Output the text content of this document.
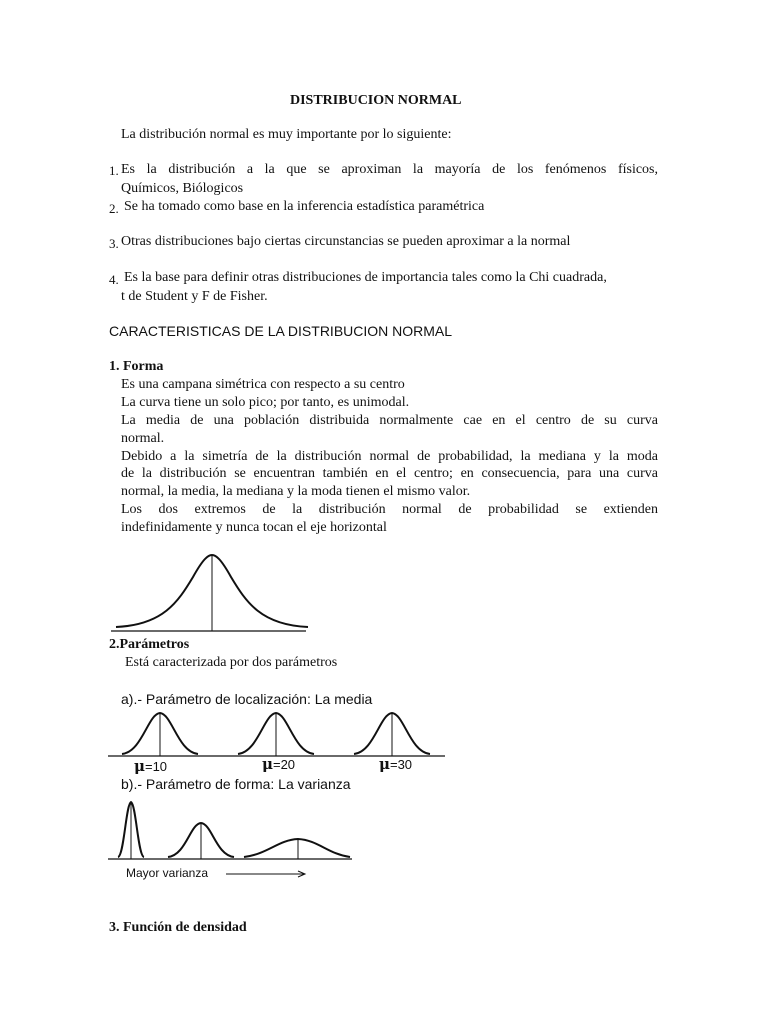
DISTRIBUCION NORMAL
La distribución normal es muy importante por lo siguiente:
1. Es la distribución a la que se aproximan la mayoría de los fenómenos físicos,
Químicos, Biólogicos
2. Se ha tomado como base en la inferencia estadística paramétrica
3. Otras distribuciones bajo ciertas circunstancias se pueden aproximar a la normal
4. Es la base para definir otras distribuciones de importancia tales como la Chi cuadrada,
t de Student y F de Fisher.
CARACTERISTICAS DE LA DISTRIBUCION NORMAL
1. Forma
Es una campana simétrica con respecto a su centro
La curva tiene un solo pico; por tanto, es unimodal.
La media de una población distribuida normalmente cae en el centro de su curva
normal.
Debido a la simetría de la distribución normal de probabilidad, la mediana y la moda
de la distribución se encuentran también en el centro; en consecuencia, para una curva
normal, la media, la mediana y la moda tienen el mismo valor.
Los dos extremos de la distribución normal de probabilidad se extienden
indefinidamente y nunca tocan el eje horizontal
2.Parámetros
Está caracterizada por dos parámetros
a).- Parámetro de localización: La media
μ=10	μ=20	μ=30
b).- Parámetro de forma: La varianza
Mayor varianza
3. Función de densidad
